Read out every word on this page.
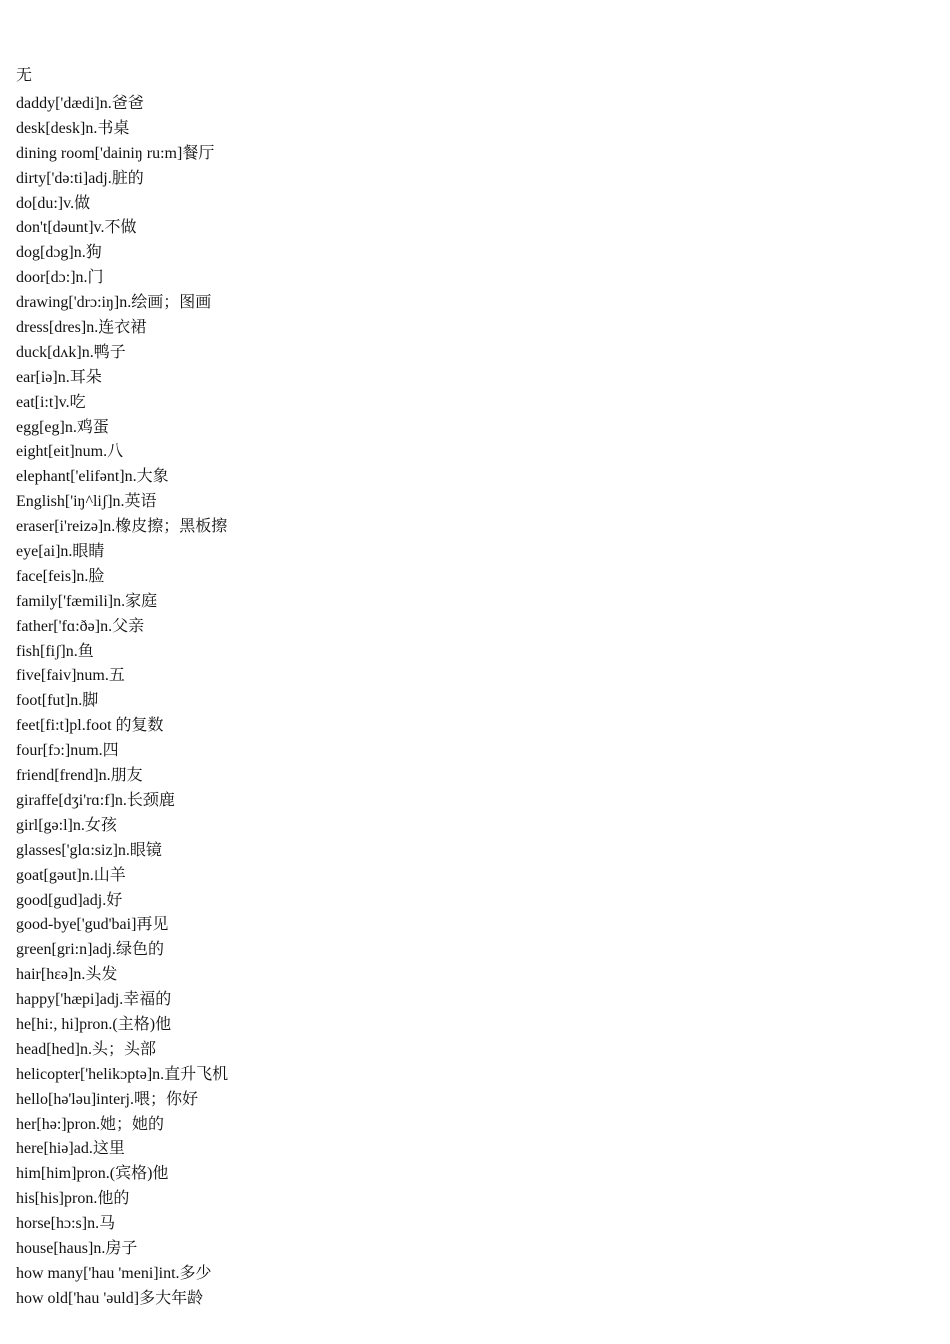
无

daddy['dædi]n.爸爸
desk[desk]n.书桌
dining room['dainiŋ ru:m]餐厅
dirty['də:ti]adj.脏的
do[du:]v.做
don't[dəunt]v.不做
dog[dɔg]n.狗
door[dɔ:]n.门
drawing['drɔ:iŋ]n.绘画；图画
dress[dres]n.连衣裙
duck[dʌk]n.鸭子
ear[iə]n.耳朵
eat[i:t]v.吃
egg[eg]n.鸡蛋
eight[eit]num.八
elephant['elifənt]n.大象
English['iŋ^liʃ]n.英语
eraser[i'reizə]n.橡皮擦；黑板擦
eye[ai]n.眼睛
face[feis]n.脸
family['fæmili]n.家庭
father['fɑ:ðə]n.父亲
fish[fiʃ]n.鱼
five[faiv]num.五
foot[fut]n.脚
feet[fi:t]pl.foot 的复数
four[fɔ:]num.四
friend[frend]n.朋友
giraffe[dʒi'rɑ:f]n.长颈鹿
girl[gə:l]n.女孩
glasses['glɑ:siz]n.眼镜
goat[gəut]n.山羊
good[gud]adj.好
good-bye['gud'bai]再见
green[gri:n]adj.绿色的
hair[hɛə]n.头发
happy['hæpi]adj.幸福的
he[hi:, hi]pron.(主格)他
head[hed]n.头；头部
helicopter['helikɔptə]n.直升飞机
hello[hə'ləu]interj.喂；你好
her[hə:]pron.她；她的
here[hiə]ad.这里
him[him]pron.(宾格)他
his[his]pron.他的
horse[hɔ:s]n.马
house[haus]n.房子
how many['hau 'meni]int.多少
how old['hau 'əuld]多大年龄
